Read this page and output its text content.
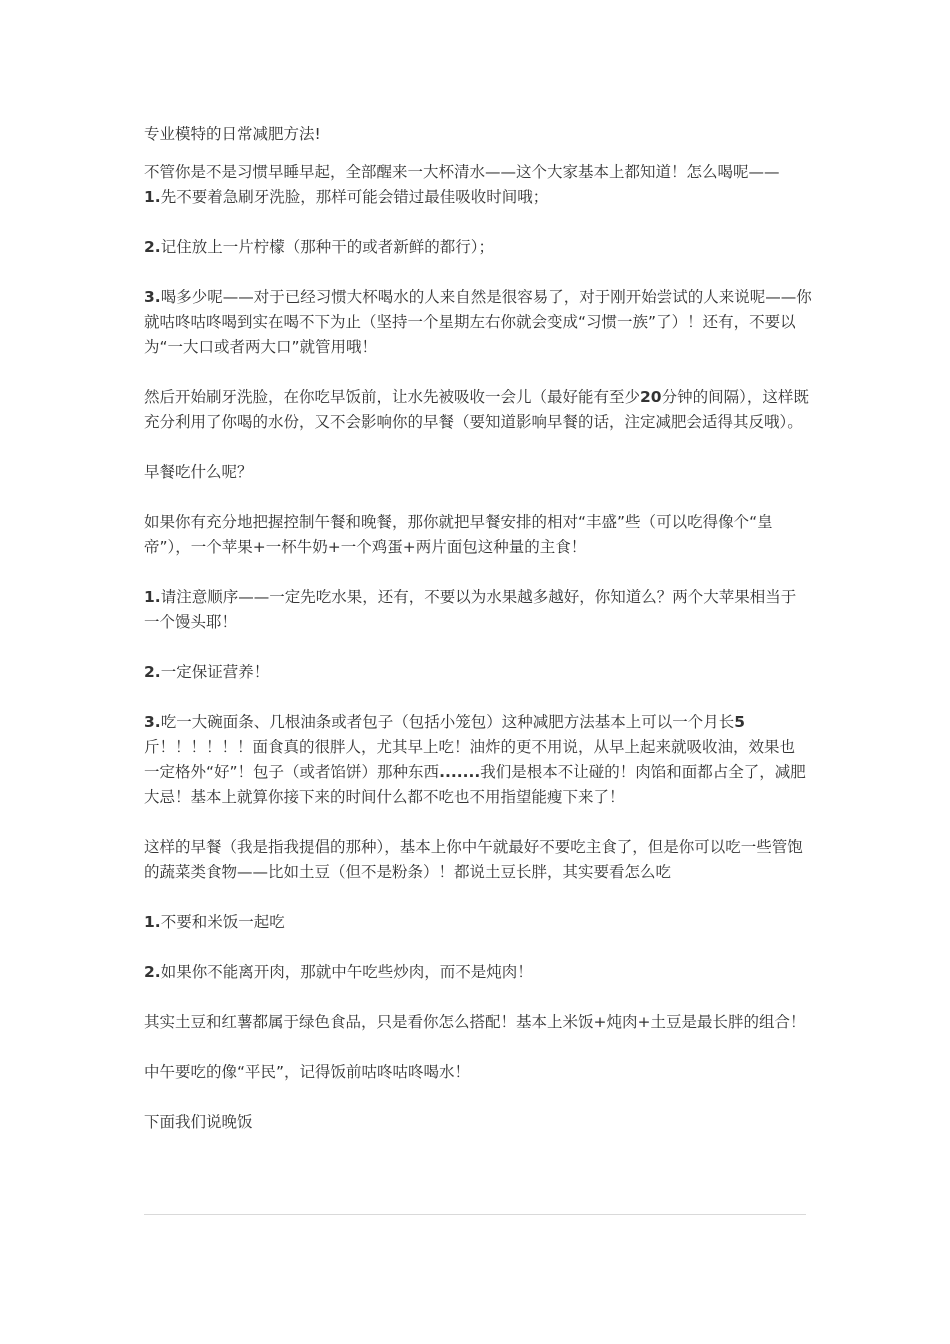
专业模特的日常减肥方法!

不管你是不是习惯早睡早起，全部醒来一大杯清水——这个大家基本上都知道！怎么喝呢——

1.先不要着急刷牙洗脸，那样可能会错过最佳吸收时间哦；

2.记住放上一片柠檬（那种干的或者新鲜的都行）；

3.喝多少呢——对于已经习惯大杯喝水的人来自然是很容易了，对于刚开始尝试的人来说呢——你就咕咚咕咚喝到实在喝不下为止（坚持一个星期左右你就会变成“习惯一族”了）！还有，不要以为“一大口或者两大口”就管用哦！

然后开始刷牙洗脸，在你吃早饭前，让水先被吸收一会儿（最好能有至少20分钟的间隔），这样既充分利用了你喝的水份，又不会影响你的早餐（要知道影响早餐的话，注定减肥会适得其反哦）。

早餐吃什么呢？

如果你有充分地把握控制午餐和晚餐，那你就把早餐安排的相对“丰盛”些（可以吃得像个“皇帝”），一个苹果+一杯牛奶+一个鸡蛋+两片面包这种量的主食！

1.请注意顺序——一定先吃水果，还有，不要以为水果越多越好，你知道么？两个大苹果相当于一个馒头耶！

2.一定保证营养！

3.吃一大碗面条、几根油条或者包子（包括小笼包）这种减肥方法基本上可以一个月长5斤！！！！！！面食真的很胖人，尤其早上吃！油炸的更不用说，从早上起来就吸收油，效果也一定格外“好”！包子（或者馅饼）那种东西.......我们是根本不让碰的！肉馅和面都占全了，减肥大忌！基本上就算你接下来的时间什么都不吃也不用指望能瘦下来了！

这样的早餐（我是指我提倡的那种），基本上你中午就最好不要吃主食了，但是你可以吃一些管饱的蔬菜类食物——比如土豆（但不是粉条）！都说土豆长胖，其实要看怎么吃

1.不要和米饭一起吃

2.如果你不能离开肉，那就中午吃些炒肉，而不是炖肉！

其实土豆和红薯都属于绿色食品，只是看你怎么搭配！基本上米饭+炖肉+土豆是最长胖的组合！

中午要吃的像“平民”，记得饭前咕咚咕咚喝水！

下面我们说晚饭
